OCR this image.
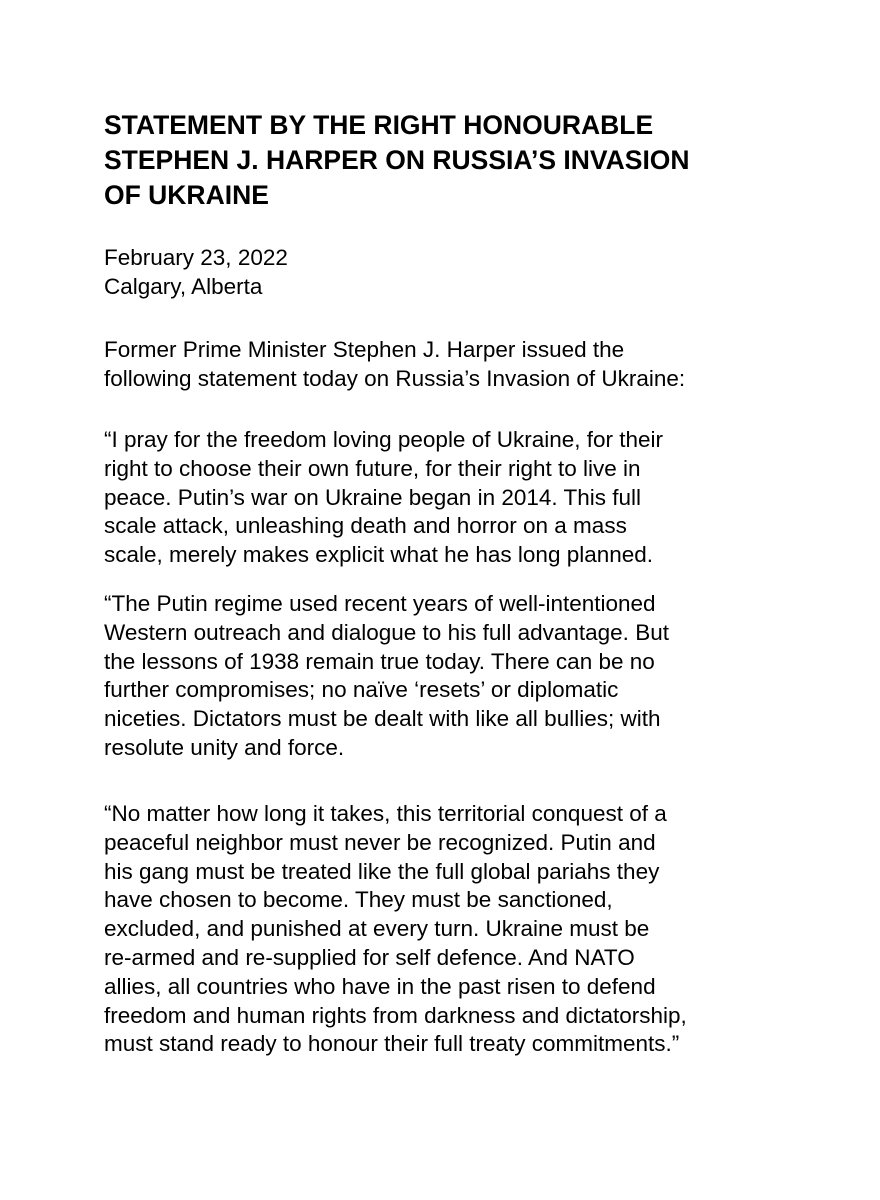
STATEMENT BY THE RIGHT HONOURABLE
STEPHEN J. HARPER ON RUSSIA’S INVASION
OF UKRAINE
February 23, 2022
Calgary, Alberta
Former Prime Minister Stephen J. Harper issued the
following statement today on Russia’s Invasion of Ukraine:
“I pray for the freedom loving people of Ukraine, for their
right to choose their own future, for their right to live in
peace. Putin’s war on Ukraine began in 2014. This full
scale attack, unleashing death and horror on a mass
scale, merely makes explicit what he has long planned.
“The Putin regime used recent years of well-intentioned
Western outreach and dialogue to his full advantage. But
the lessons of 1938 remain true today. There can be no
further compromises; no naïve ‘resets’ or diplomatic
niceties. Dictators must be dealt with like all bullies; with
resolute unity and force.
“No matter how long it takes, this territorial conquest of a
peaceful neighbor must never be recognized. Putin and
his gang must be treated like the full global pariahs they
have chosen to become. They must be sanctioned,
excluded, and punished at every turn. Ukraine must be
re-armed and re-supplied for self defence. And NATO
allies, all countries who have in the past risen to defend
freedom and human rights from darkness and dictatorship,
must stand ready to honour their full treaty commitments.”
